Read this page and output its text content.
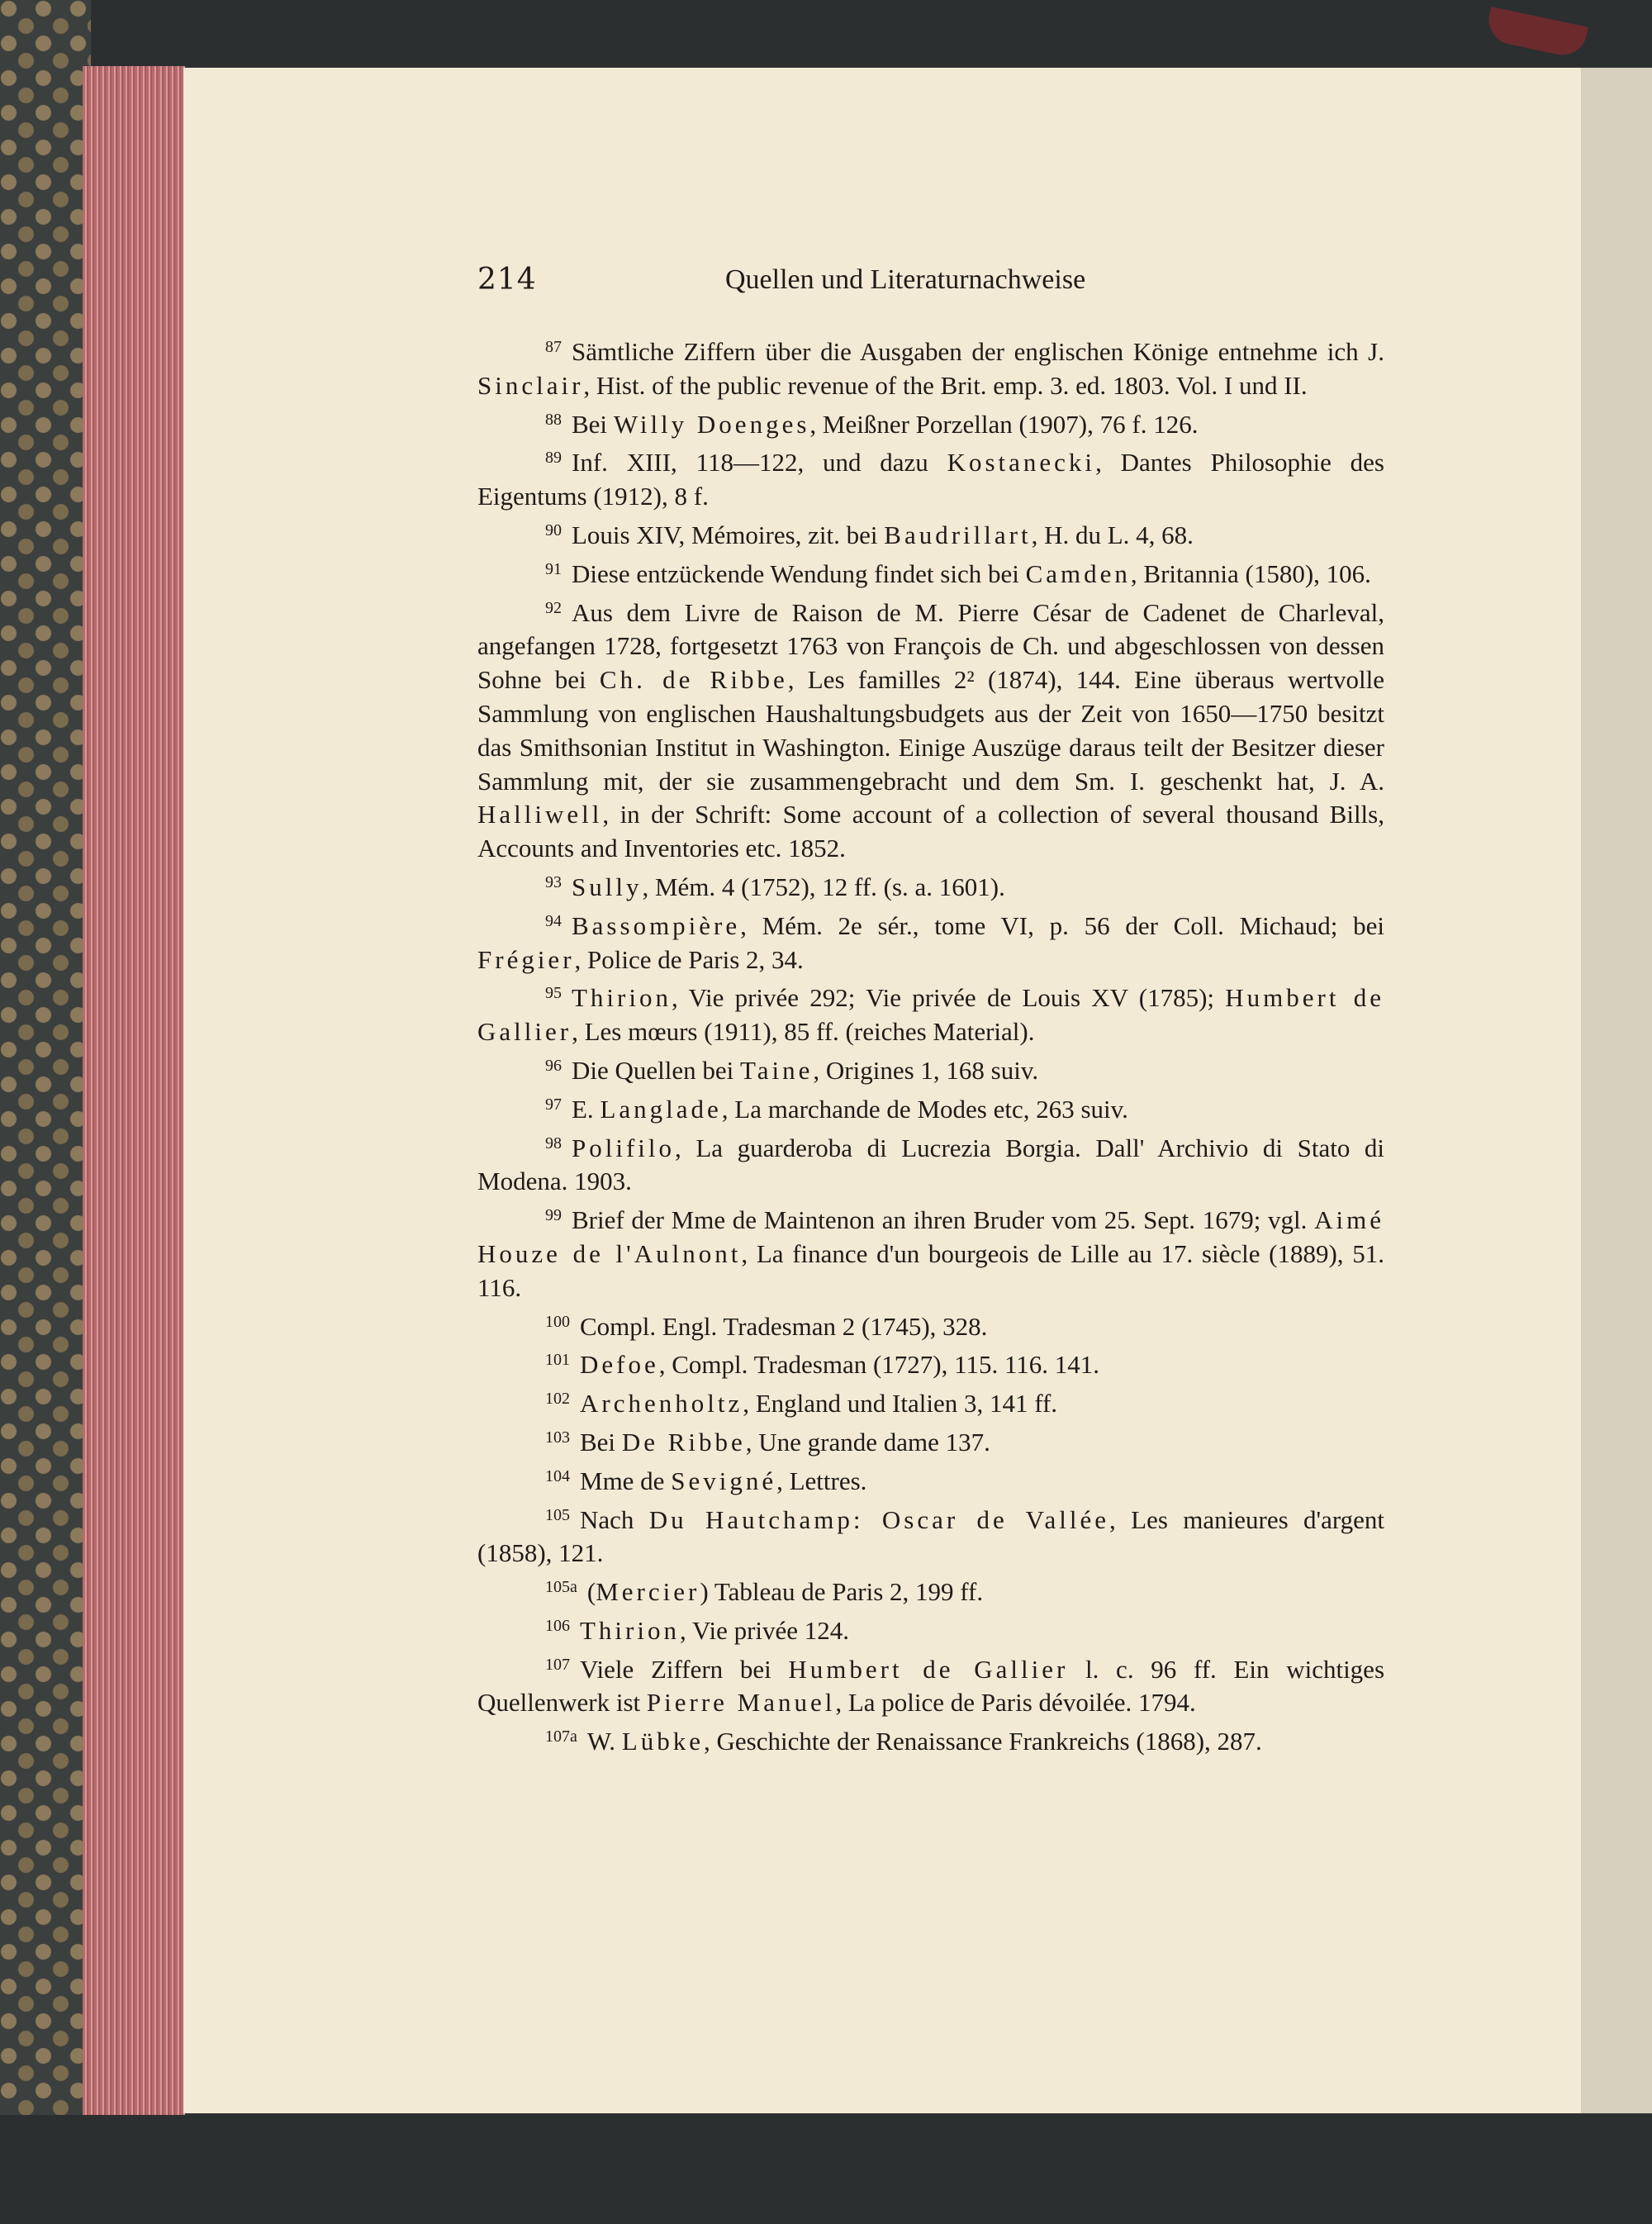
214	Quellen und Literaturnachweise

$^{87}$ Sämtliche Ziffern über die Ausgaben der englischen Könige entnehme ich J. Sinclair, Hist. of the public revenue of the Brit. emp. 3. ed. 1803. Vol. I und II.

$^{88}$ Bei Willy Doenges, Meißner Porzellan (1907), 76 f. 126.

$^{89}$ Inf. XIII, 118—122, und dazu Kostanecki, Dantes Philosophie des Eigentums (1912), 8 f.

$^{90}$ Louis XIV, Mémoires, zit. bei Baudrillart, H. du L. 4, 68.

$^{91}$ Diese entzückende Wendung findet sich bei Camden, Britannia (1580), 106.

$^{92}$ Aus dem Livre de Raison de M. Pierre César de Cadenet de Charleval, angefangen 1728, fortgesetzt 1763 von François de Ch. und abgeschlossen von dessen Sohne bei Ch. de Ribbe, Les familles 2² (1874), 144. Eine überaus wertvolle Sammlung von englischen Haushaltungsbudgets aus der Zeit von 1650—1750 besitzt das Smithsonian Institut in Washington. Einige Auszüge daraus teilt der Besitzer dieser Sammlung mit, der sie zusammengebracht und dem Sm. I. geschenkt hat, J. A. Halliwell, in der Schrift: Some account of a collection of several thousand Bills, Accounts and Inventories etc. 1852.

$^{93}$ Sully, Mém. 4 (1752), 12 ff. (s. a. 1601).

$^{94}$ Bassompière, Mém. 2e sér., tome VI, p. 56 der Coll. Michaud; bei Frégier, Police de Paris 2, 34.

$^{95}$ Thirion, Vie privée 292; Vie privée de Louis XV (1785); Humbert de Gallier, Les mœurs (1911), 85 ff. (reiches Material).

$^{96}$ Die Quellen bei Taine, Origines 1, 168 suiv.

$^{97}$ E. Langlade, La marchande de Modes etc, 263 suiv.

$^{98}$ Polifilo, La guarderoba di Lucrezia Borgia. Dall' Archivio di Stato di Modena. 1903.

$^{99}$ Brief der Mme de Maintenon an ihren Bruder vom 25. Sept. 1679; vgl. Aimé Houze de l'Aulnont, La finance d'un bourgeois de Lille au 17. siècle (1889), 51. 116.

$^{100}$ Compl. Engl. Tradesman 2 (1745), 328.

$^{101}$ Defoe, Compl. Tradesman (1727), 115. 116. 141.

$^{102}$ Archenholtz, England und Italien 3, 141 ff.

$^{103}$ Bei De Ribbe, Une grande dame 137.

$^{104}$ Mme de Sevigné, Lettres.

$^{105}$ Nach Du Hautchamp: Oscar de Vallée, Les manieures d'argent (1858), 121.

$^{105a}$ (Mercier) Tableau de Paris 2, 199 ff.

$^{106}$ Thirion, Vie privée 124.

$^{107}$ Viele Ziffern bei Humbert de Gallier l. c. 96 ff. Ein wichtiges Quellenwerk ist Pierre Manuel, La police de Paris dévoilée. 1794.

$^{107a}$ W. Lübke, Geschichte der Renaissance Frankreichs (1868), 287.
